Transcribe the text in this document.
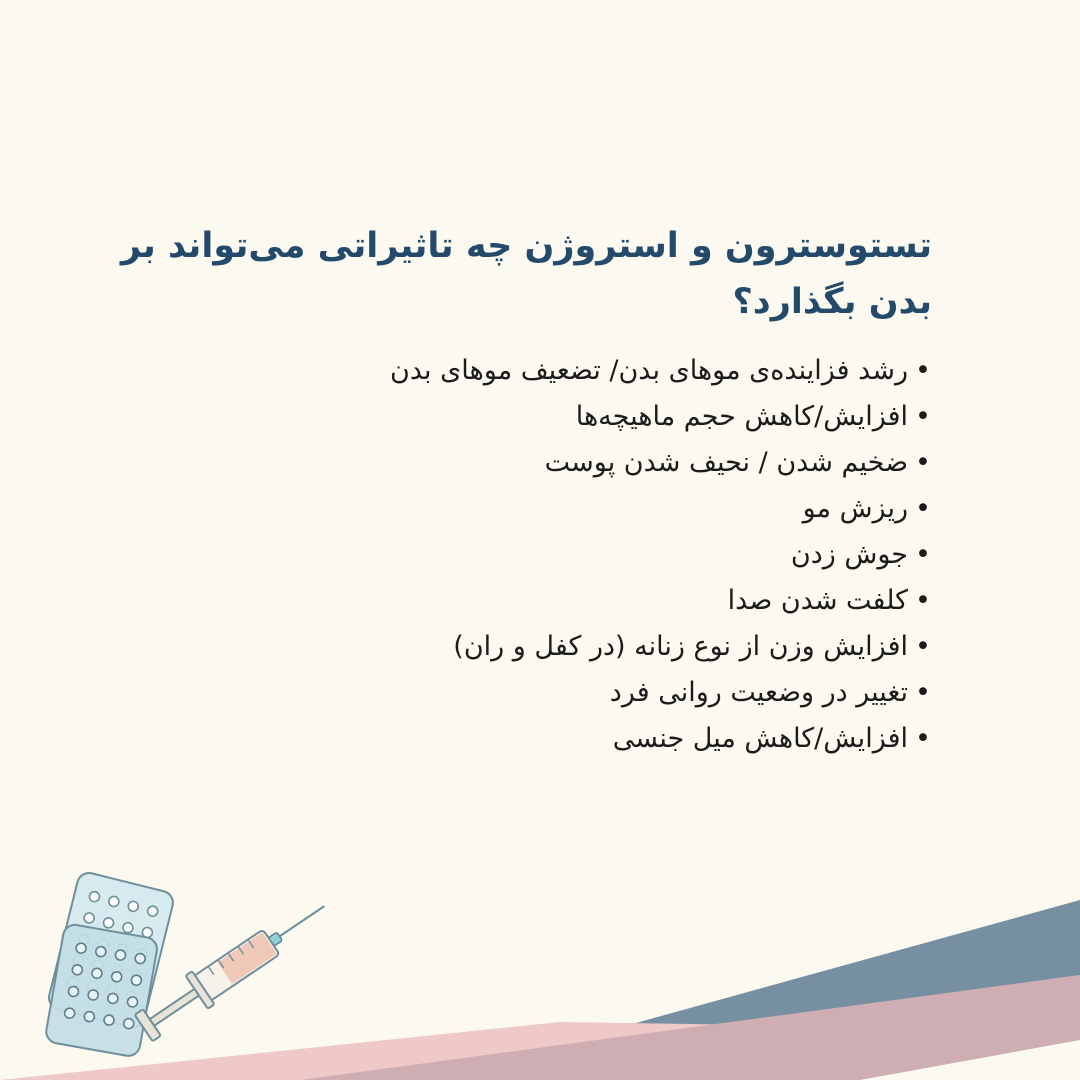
تستوسترون و استروژن چه تاثیراتی می‌تواند بر بدن بگذارد؟
•رشد فزاینده‌ی موهای بدن/ تضعیف موهای بدن
•افزایش/کاهش حجم ماهیچه‌ها
•ضخیم شدن / نحیف شدن پوست
•ریزش مو
•جوش زدن
•کلفت شدن صدا
•افزایش وزن از نوع زنانه (در کفل و ران)
•تغییر در وضعیت روانی فرد
•افزایش/کاهش میل جنسی
